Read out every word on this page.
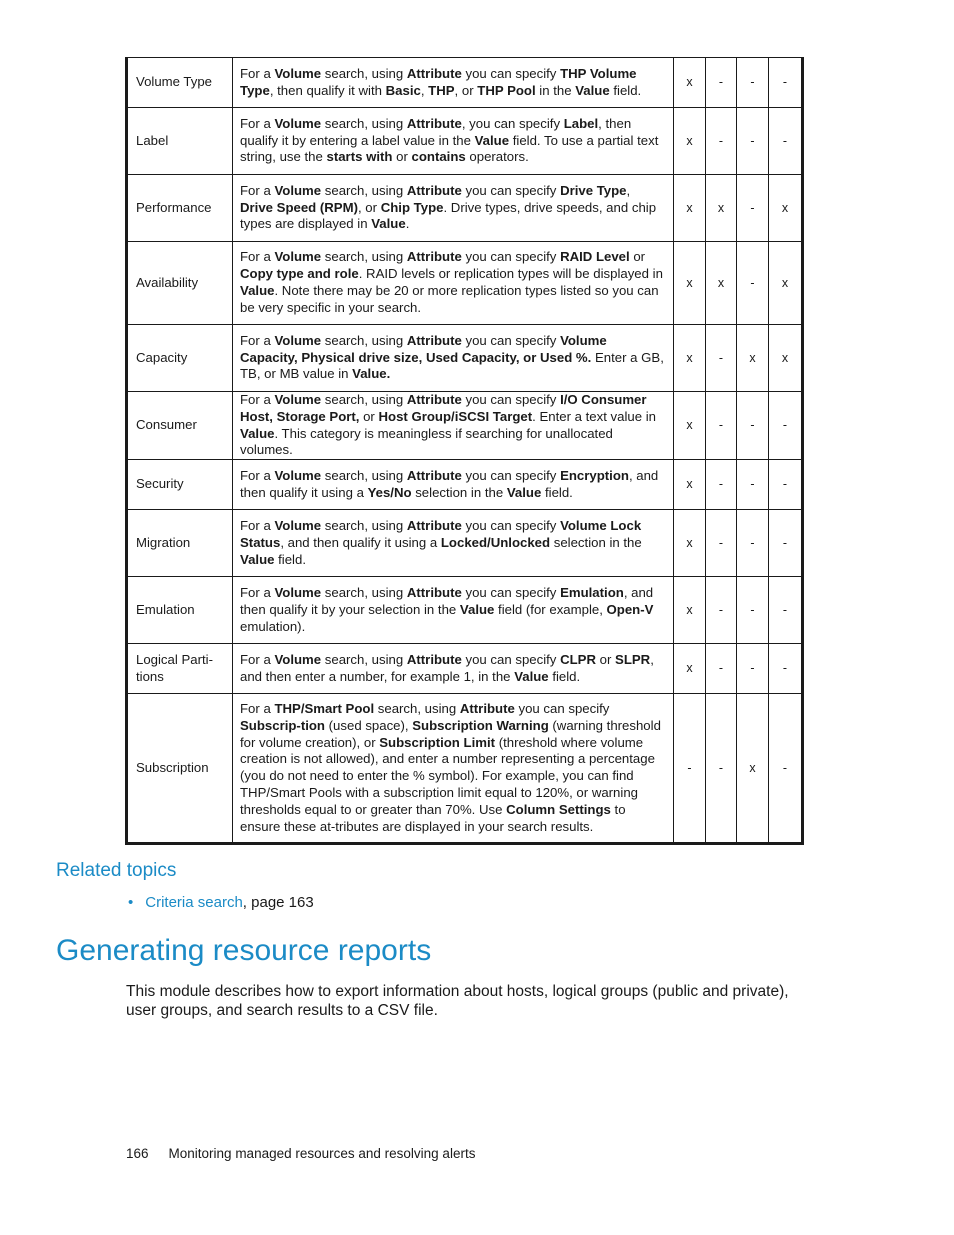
Volume Type	For a Volume search, using Attribute you can specify THP Volume Type, then qualify it with Basic, THP, or THP Pool in the Value field.	x	-	-	-
Label	For a Volume search, using Attribute, you can specify Label, then qualify it by entering a label value in the Value field. To use a partial text string, use the starts with or contains operators.	x	-	-	-
Performance	For a Volume search, using Attribute you can specify Drive Type, Drive Speed (RPM), or Chip Type. Drive types, drive speeds, and chip types are displayed in Value.	x	x	-	x
Availability	For a Volume search, using Attribute you can specify RAID Level or Copy type and role. RAID levels or replication types will be displayed in Value. Note there may be 20 or more replication types listed so you can be very specific in your search.	x	x	-	x
Capacity	For a Volume search, using Attribute you can specify Volume Capacity, Physical drive size, Used Capacity, or Used %. Enter a GB, TB, or MB value in Value.	x	-	x	x
Consumer	For a Volume search, using Attribute you can specify I/O Consumer Host, Storage Port, or Host Group/iSCSI Target. Enter a text value in Value. This category is meaningless if searching for unallocated volumes.	x	-	-	-
Security	For a Volume search, using Attribute you can specify Encryption, and then qualify it using a Yes/No selection in the Value field.	x	-	-	-
Migration	For a Volume search, using Attribute you can specify Volume Lock Status, and then qualify it using a Locked/Unlocked selection in the Value field.	x	-	-	-
Emulation	For a Volume search, using Attribute you can specify Emulation, and then qualify it by your selection in the Value field (for example, Open-V emulation).	x	-	-	-
Logical Parti- tions	For a Volume search, using Attribute you can specify CLPR or SLPR, and then enter a number, for example 1, in the Value field.	x	-	-	-
Subscription	For a THP/Smart Pool search, using Attribute you can specify Subscrip-tion (used space), Subscription Warning (warning threshold for volume creation), or Subscription Limit (threshold where volume creation is not allowed), and enter a number representing a percentage (you do not need to enter the % symbol). For example, you can find THP/Smart Pools with a subscription limit equal to 120%, or warning thresholds equal to or greater than 70%. Use Column Settings to ensure these at-tributes are displayed in your search results.	-	-	x	-
Related topics
• Criteria search, page 163
Generating resource reports

This module describes how to export information about hosts, logical groups (public and private), user groups, and search results to a CSV file.

166 Monitoring managed resources and resolving alerts
